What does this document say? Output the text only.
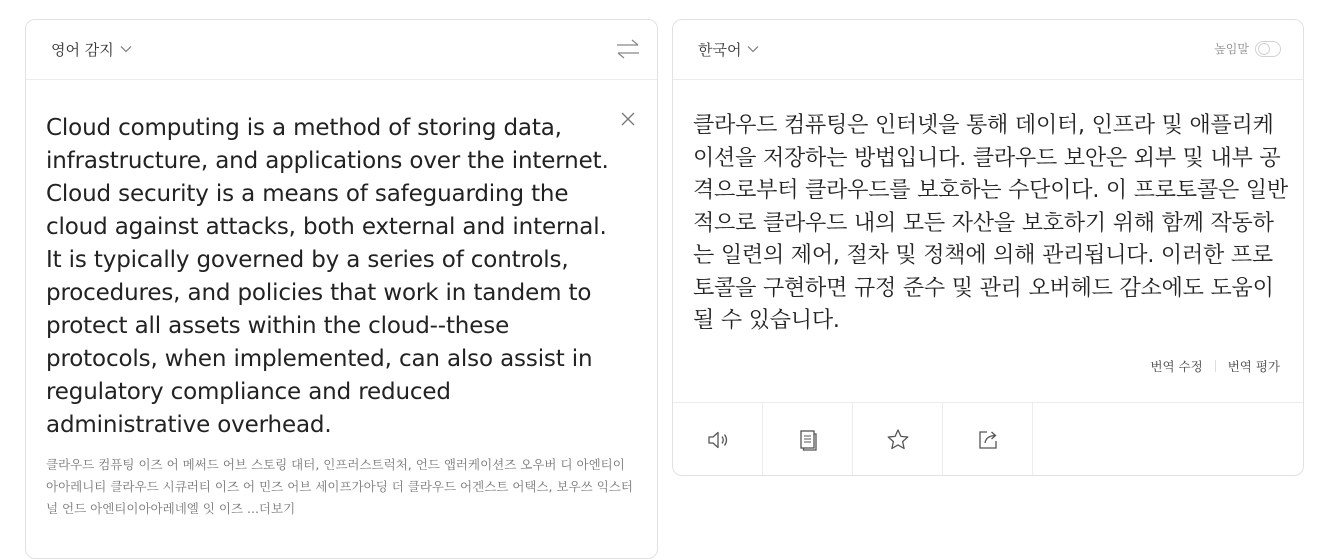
영어 감지
Cloud computing is a method of storing data, infrastructure, and applications over the internet. Cloud security is a means of safeguarding the cloud against attacks, both external and internal. It is typically governed by a series of controls, procedures, and policies that work in tandem to protect all assets within the cloud--these protocols, when implemented, can also assist in regulatory compliance and reduced administrative overhead.
클라우드 컴퓨팅 이즈 어 메써드 어브 스토링 대터, 인프러스트럭처, 언드 앱러케이션즈 오우버 디 아엔티이아아레니티 클라우드 시큐러티 이즈 어 민즈 어브 세이프가아딩 더 클라우드 어겐스트 어택스, 보우쓰 익스터널 언드 아엔티이아아레네엘 잇 이즈 ...더보기
한국어	높임말
클라우드 컴퓨팅은 인터넷을 통해 데이터, 인프라 및 애플리케이션을 저장하는 방법입니다. 클라우드 보안은 외부 및 내부 공격으로부터 클라우드를 보호하는 수단이다. 이 프로토콜은 일반적으로 클라우드 내의 모든 자산을 보호하기 위해 함께 작동하는 일련의 제어, 절차 및 정책에 의해 관리됩니다. 이러한 프로토콜을 구현하면 규정 준수 및 관리 오버헤드 감소에도 도움이 될 수 있습니다.
번역 수정 번역 평가
